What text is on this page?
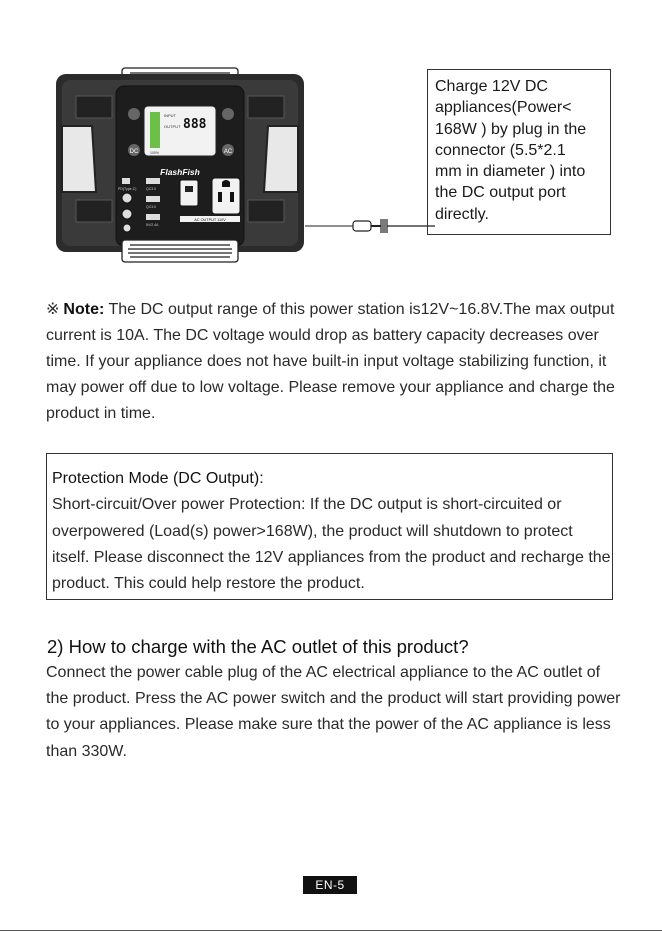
DC	AC
INPUT
OUTPUT 888
100%
FlashFish
PD(Type-C)	QC3.0
QC3.0
5V/2.4A
AC OUTPUT 110V
Charge 12V DC
appliances(Power<
168W ) by plug in the
connector (5.5*2.1
mm in diameter ) into
the DC output port
directly.
※ Note: The DC output range of this power station is12V~16.8V.The max output current is 10A. The DC voltage would drop as battery capacity decreases over time. If your appliance does not have built-in input voltage stabilizing function, it may power off due to low voltage. Please remove your appliance and charge the product in time.
Protection Mode (DC Output):
Short-circuit/Over power Protection: If the DC output is short-circuited or overpowered (Load(s) power>168W), the product will shutdown to protect itself. Please disconnect the 12V appliances from the product and recharge the product. This could help restore the product.
2) How to charge with the AC outlet of this product?
Connect the power cable plug of the AC electrical appliance to the AC outlet of the product. Press the AC power switch and the product will start providing power to your appliances. Please make sure that the power of the AC appliance is less than 330W.
EN-5
